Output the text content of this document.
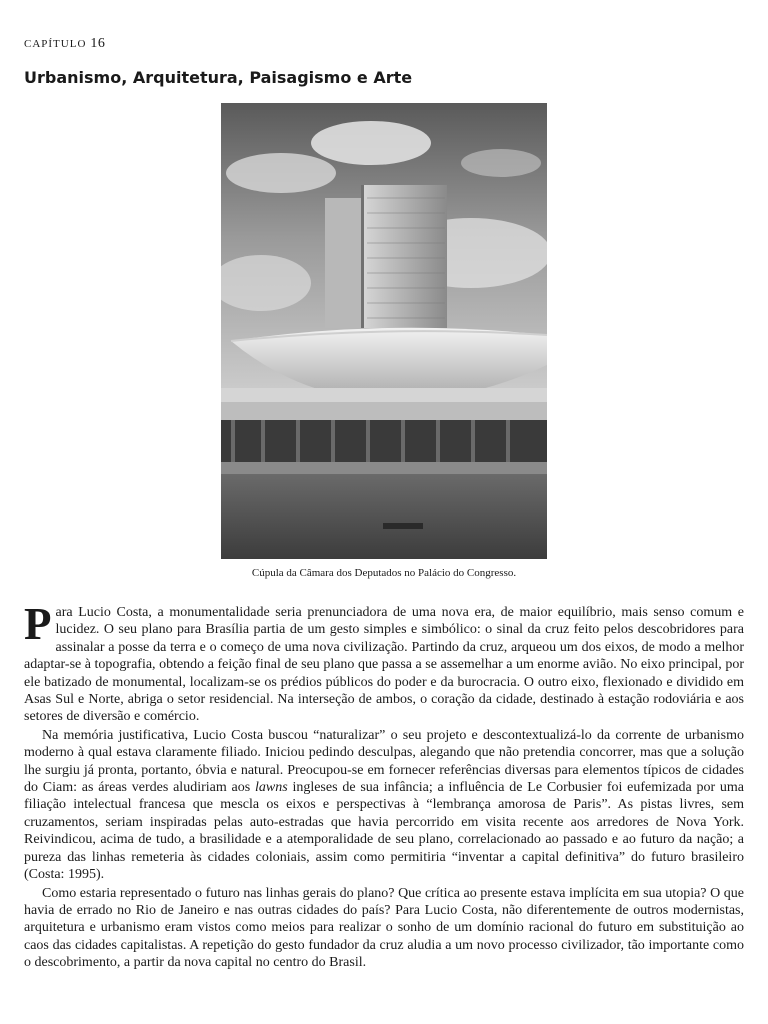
CAPÍTULO 16
Urbanismo, Arquitetura, Paisagismo e Arte
Cúpula da Câmara dos Deputados no Palácio do Congresso.

Para Lucio Costa, a monumentalidade seria prenunciadora de uma nova era, de maior equilíbrio, mais senso comum e lucidez. O seu plano para Brasília partia de um gesto simples e simbólico: o sinal da cruz feito pelos descobridores para assinalar a posse da terra e o começo de uma nova civilização. Partindo da cruz, arqueou um dos eixos, de modo a melhor adaptar-se à topografia, obtendo a feição final de seu plano que passa a se assemelhar a um enorme avião. No eixo principal, por ele batizado de monumental, localizam-se os prédios públicos do poder e da burocracia. O outro eixo, flexionado e dividido em Asas Sul e Norte, abriga o setor residencial. Na interseção de ambos, o coração da cidade, destinado à estação rodoviária e aos setores de diversão e comércio.

Na memória justificativa, Lucio Costa buscou “naturalizar” o seu projeto e descontextualizá-lo da corrente de urbanismo moderno à qual estava claramente filiado. Iniciou pedindo desculpas, alegando que não pretendia concorrer, mas que a solução lhe surgiu já pronta, portanto, óbvia e natural. Preocupou-se em fornecer referências diversas para elementos típicos de cidades do Ciam: as áreas verdes aludiriam aos lawns ingleses de sua infância; a influência de Le Corbusier foi eufemizada por uma filiação intelectual francesa que mescla os eixos e perspectivas à “lembrança amorosa de Paris”. As pistas livres, sem cruzamentos, seriam inspiradas pelas auto-estradas que havia percorrido em visita recente aos arredores de Nova York. Reivindicou, acima de tudo, a brasilidade e a atemporalidade de seu plano, correlacionado ao passado e ao futuro da nação; a pureza das linhas remeteria às cidades coloniais, assim como permitiria “inventar a capital definitiva” do futuro brasileiro (Costa: 1995).

Como estaria representado o futuro nas linhas gerais do plano? Que crítica ao presente estava implícita em sua utopia? O que havia de errado no Rio de Janeiro e nas outras cidades do país? Para Lucio Costa, não diferentemente de outros modernistas, arquitetura e urbanismo eram vistos como meios para realizar o sonho de um domínio racional do futuro em substituição ao caos das cidades capitalistas. A repetição do gesto fundador da cruz aludia a um novo processo civilizador, tão importante como o descobrimento, a partir da nova capital no centro do Brasil.
